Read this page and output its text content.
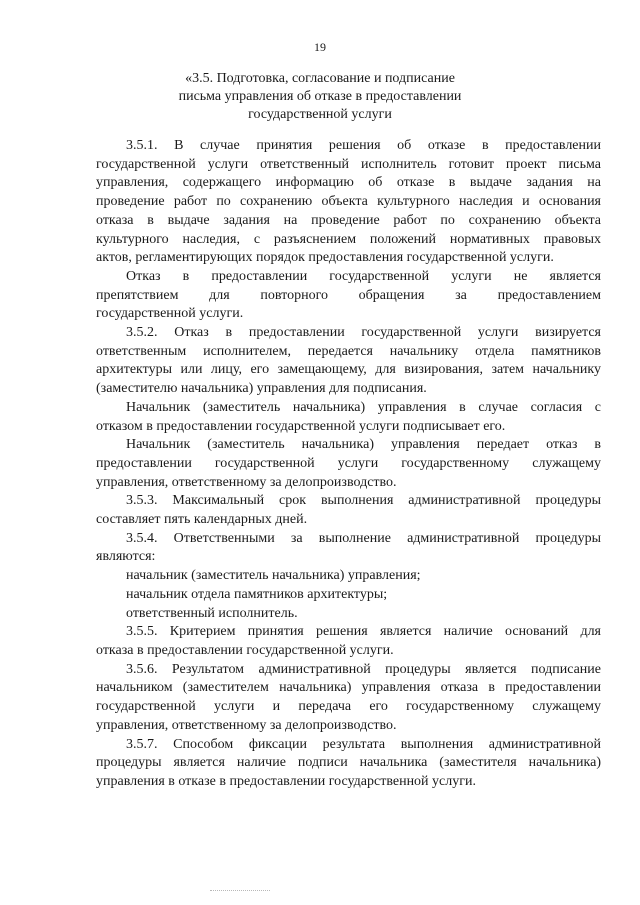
19
«3.5. Подготовка, согласование и подписание
письма управления об отказе в предоставлении
государственной услуги
3.5.1. В случае принятия решения об отказе в предоставлении
государственной услуги ответственный исполнитель готовит проект письма
управления, содержащего информацию об отказе в выдаче задания на
проведение работ по сохранению объекта культурного наследия и основания
отказа в выдаче задания на проведение работ по сохранению объекта
культурного наследия, с разъяснением положений нормативных правовых
актов, регламентирующих порядок предоставления государственной услуги.
Отказ в предоставлении государственной услуги не является
препятствием для повторного обращения за предоставлением
государственной услуги.
3.5.2. Отказ в предоставлении государственной услуги визируется
ответственным исполнителем, передается начальнику отдела памятников
архитектуры или лицу, его замещающему, для визирования, затем начальнику
(заместителю начальника) управления для подписания.
Начальник (заместитель начальника) управления в случае согласия с
отказом в предоставлении государственной услуги подписывает его.
Начальник (заместитель начальника) управления передает отказ в
предоставлении государственной услуги государственному служащему
управления, ответственному за делопроизводство.
3.5.3. Максимальный срок выполнения административной процедуры
составляет пять календарных дней.
3.5.4. Ответственными за выполнение административной процедуры
являются:
начальник (заместитель начальника) управления;
начальник отдела памятников архитектуры;
ответственный исполнитель.
3.5.5. Критерием принятия решения является наличие оснований для
отказа в предоставлении государственной услуги.
3.5.6. Результатом административной процедуры является подписание
начальником (заместителем начальника) управления отказа в предоставлении
государственной услуги и передача его государственному служащему
управления, ответственному за делопроизводство.
3.5.7. Способом фиксации результата выполнения административной
процедуры является наличие подписи начальника (заместителя начальника)
управления в отказе в предоставлении государственной услуги.
